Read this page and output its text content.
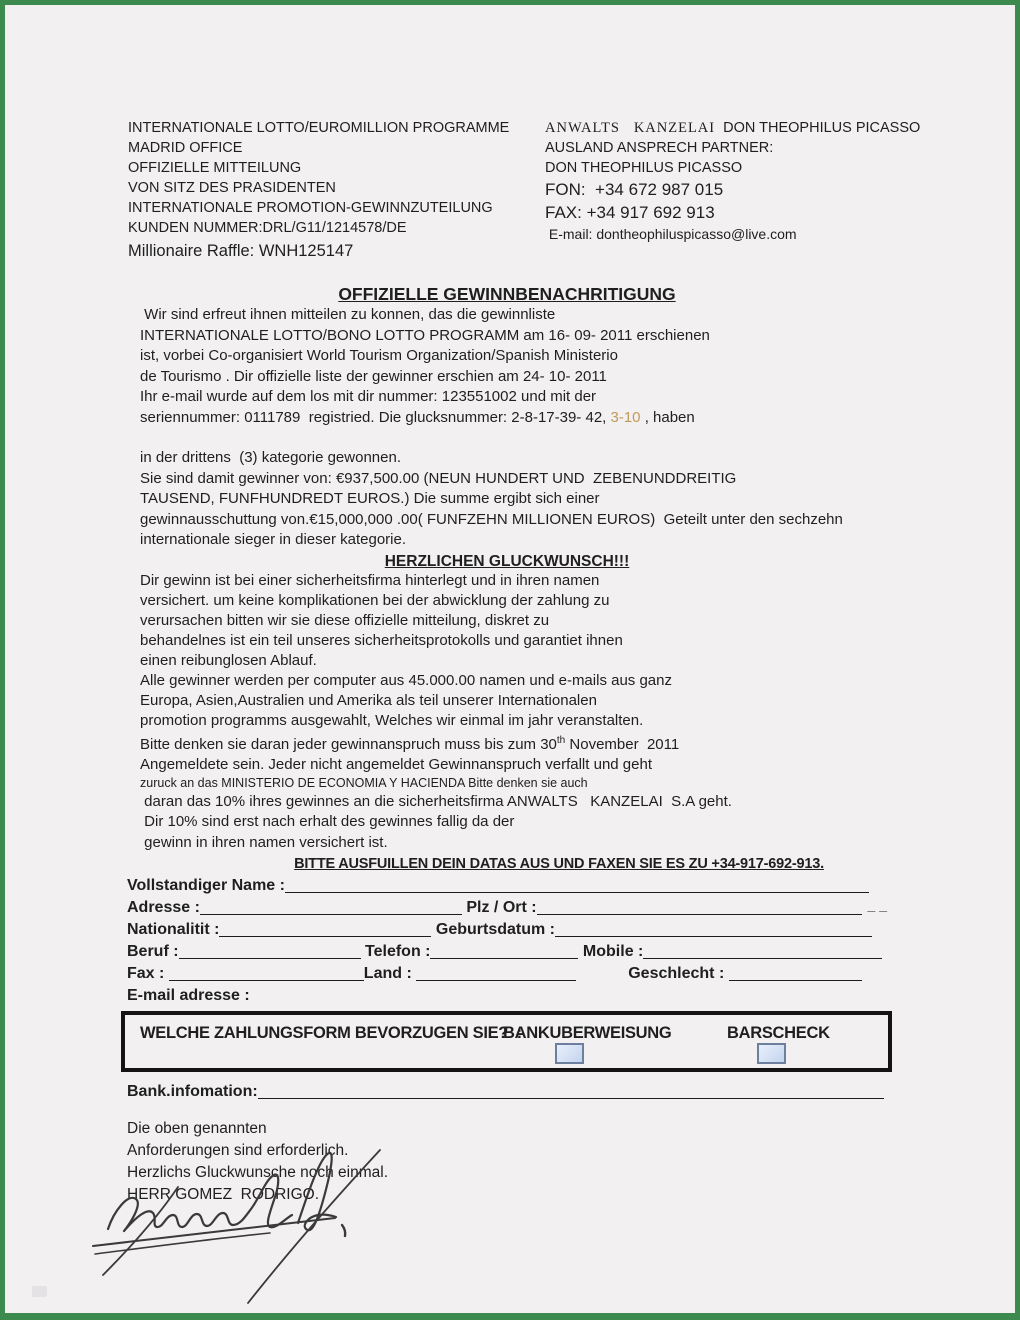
INTERNATIONALE LOTTO/EUROMILLION PROGRAMME
MADRID OFFICE
OFFIZIELLE MITTEILUNG
VON SITZ DES PRASIDENTEN
INTERNATIONALE PROMOTION-GEWINNZUTEILUNG
KUNDEN NUMMER:DRL/G11/1214578/DE
Millionaire Raffle: WNH125147
ANWALTS   KANZELAI  DON THEOPHILUS PICASSO
AUSLAND ANSPRECH PARTNER:
DON THEOPHILUS PICASSO
FON:  +34 672 987 015
FAX: +34 917 692 913
E-mail: dontheophiluspicasso@live.com
OFFIZIELLE GEWINNBENACHRITIGUNG
Wir sind erfreut ihnen mitteilen zu konnen, das die gewinnliste
INTERNATIONALE LOTTO/BONO LOTTO PROGRAMM am 16- 09- 2011 erschienen
ist, vorbei Co-organisiert World Tourism Organization/Spanish Ministerio
de Tourismo . Dir offizielle liste der gewinner erschien am 24- 10- 2011
Ihr e-mail wurde auf dem los mit dir nummer: 123551002 und mit der
seriennummer: 0111789  registried. Die glucksnummer: 2-8-17-39- 42, 3-10 , haben
in der drittens  (3) kategorie gewonnen.
Sie sind damit gewinner von: €937,500.00 (NEUN HUNDERT UND  ZEBENUNDDREITIG
TAUSEND, FUNFHUNDREDT EUROS.) Die summe ergibt sich einer
gewinnausschuttung von.€15,000,000 .00( FUNFZEHN MILLIONEN EUROS)  Geteilt unter den sechzehn
internationale sieger in dieser kategorie.
HERZLICHEN GLUCKWUNSCH!!!
Dir gewinn ist bei einer sicherheitsfirma hinterlegt und in ihren namen
versichert. um keine komplikationen bei der abwicklung der zahlung zu
verursachen bitten wir sie diese offizielle mitteilung, diskret zu
behandelnes ist ein teil unseres sicherheitsprotokolls und garantiet ihnen
einen reibunglosen Ablauf.
Alle gewinner werden per computer aus 45.000.00 namen und e-mails aus ganz
Europa, Asien,Australien und Amerika als teil unserer Internationalen
promotion programms ausgewahlt, Welches wir einmal im jahr veranstalten.
Bitte denken sie daran jeder gewinnanspruch muss bis zum 30th November  2011
Angemeldete sein. Jeder nicht angemeldet Gewinnanspruch verfallt und geht
zuruck an das MINISTERIO DE ECONOMIA Y HACIENDA Bitte denken sie auch
daran das 10% ihres gewinnes an die sicherheitsfirma ANWALTS   KANZELAI  S.A geht.
Dir 10% sind erst nach erhalt des gewinnes fallig da der
gewinn in ihren namen versichert ist.
BITTE AUSFUILLEN DEIN DATAS AUS UND FAXEN SIE ES ZU +34-917-692-913.
Vollstandiger Name :
Adresse :	Plz / Ort :	_ _
Nationalitit :	Geburtsdatum :
Beruf :	Telefon :	Mobile :
Fax :	Land :	Geschlecht :
E-mail adresse :
WELCHE ZAHLUNGSFORM BEVORZUGEN SIE?  :
BANKUBERWEISUNG	BARSCHECK
Bank.infomation:
Die oben genannten
Anforderungen sind erforderlich.
Herzlichs Gluckwunsche noch einmal.
HERR GOMEZ  RODRIGO.
